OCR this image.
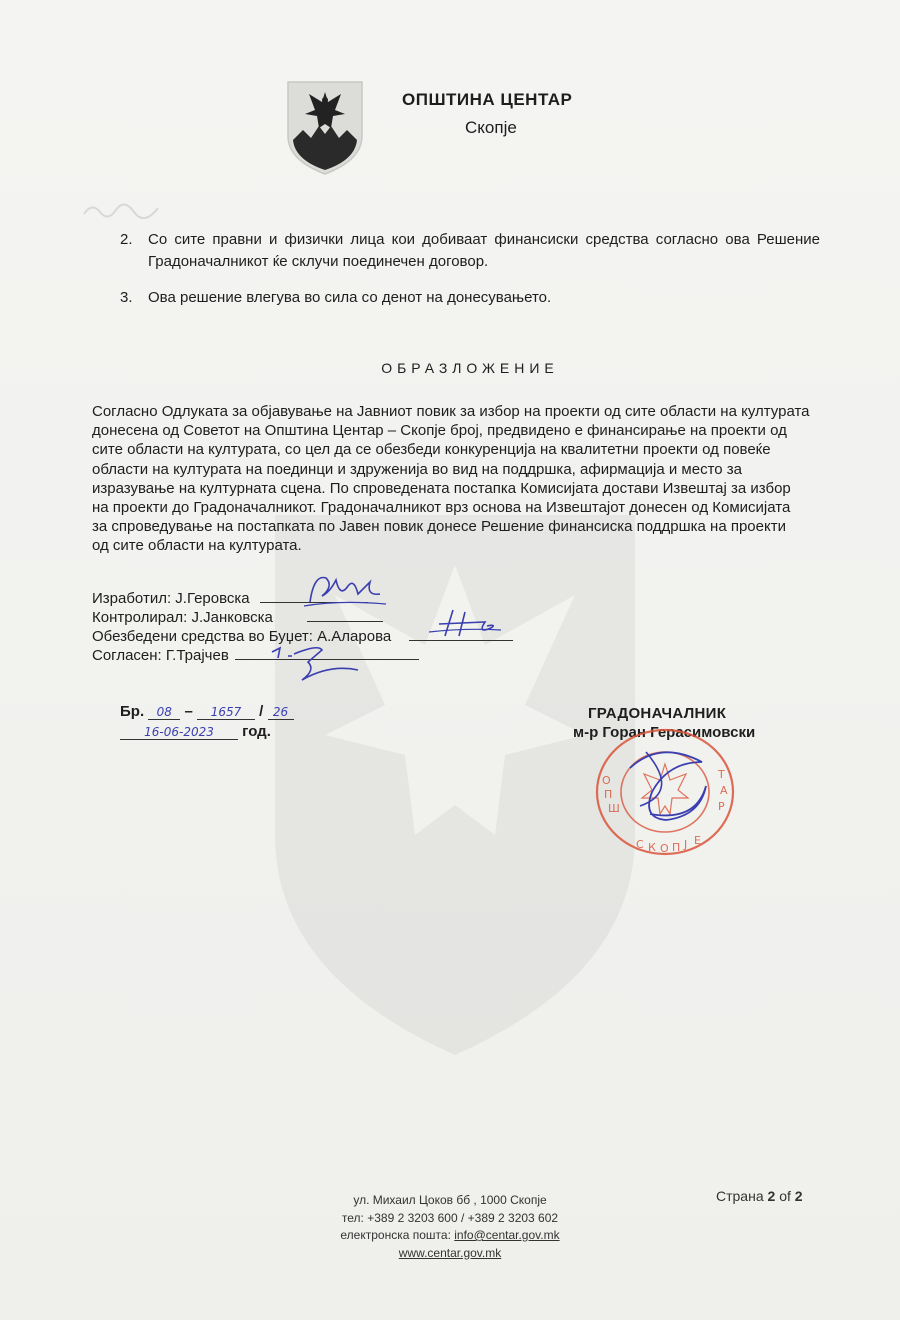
ОПШТИНА ЦЕНТАР
Скопје
2. Со сите правни и физички лица кои добиваат финансиски средства согласно ова Решение Градоначалникот ќе склучи поединечен договор.
3. Ова решение влегува во сила со денот на донесувањето.
ОБРАЗЛОЖЕНИЕ
Согласно Одлуката за објавување на Јавниот повик за избор на проекти од сите области на културата
донесена од Советот на Општина Центар – Скопје број, предвидено е финансирање на проекти од
сите области на културата, со цел да се обезбеди конкуренција на квалитетни проекти од повеќе
области на културата на поединци и здруженија во вид на поддршка, афирмација и место за
изразување на културната сцена. По спроведената постапка Комисијата достави Извештај за избор
на проекти до Градоначалникот. Градоначалникот врз основа на Извештајот донесен од Комисијата
за спроведување на постапката по Јавен повик донесе Решение финансиска поддршка на проекти
од сите области на културата.
Изработил: Ј.Геровска
Контролирал: Ј.Јанковска
Обезбедени средства во Буџет: А.Аларова
Согласен: Г.Трајчев
Бр. 08 – 1657 / 26
16-06-2023 год.
ГРАДОНАЧАЛНИК
м-р Горан Герасимовски
О
П
Ш
Т
А
Р
С К О П Ј Е
ул. Михаил Цоков бб , 1000 Скопје
тел: +389 2 3203 600 / +389 2 3203 602
електронска пошта: info@centar.gov.mk
www.centar.gov.mk
Страна 2 of 2
